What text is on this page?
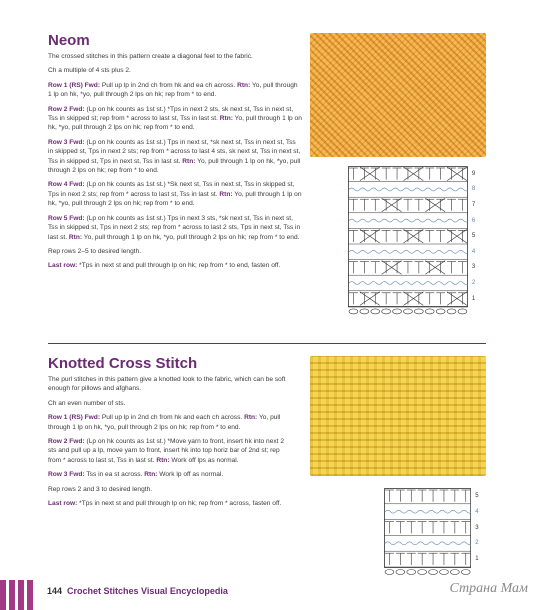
Neom
The crossed stitches in this pattern create a diagonal feel to the fabric.
Ch a multiple of 4 sts plus 2.
Row 1 (RS) Fwd: Pull up lp in 2nd ch from hk and ea ch across. Rtn: Yo, pull through 1 lp on hk, *yo, pull through 2 lps on hk; rep from * to end.
Row 2 Fwd: (Lp on hk counts as 1st st.) *Tps in next 2 sts, sk next st, Tss in next st, Tss in skipped st; rep from * across to last st, Tss in last st. Rtn: Yo, pull through 1 lp on hk, *yo, pull through 2 lps on hk; rep from * to end.
Row 3 Fwd: (Lp on hk counts as 1st st.) Tps in next st, *sk next st, Tss in next st, Tss in skipped st, Tps in next 2 sts; rep from * across to last 4 sts, sk next st, Tss in next st, Tss in skipped st, Tps in next st, Tss in last st. Rtn: Yo, pull through 1 lp on hk, *yo, pull through 2 lps on hk; rep from * to end.
Row 4 Fwd: (Lp on hk counts as 1st st.) *Sk next st, Tss in next st, Tss in skipped st, Tps in next 2 sts; rep from * across to last st, Tss in last st. Rtn: Yo, pull through 1 lp on hk, *yo, pull through 2 lps on hk; rep from * to end.
Row 5 Fwd: (Lp on hk counts as 1st st.) Tps in next 3 sts, *sk next st, Tss in next st, Tss in skipped st, Tps in next 2 sts; rep from * across to last 2 sts, Tps in next st, Tss in last st. Rtn: Yo, pull through 1 lp on hk, *yo, pull through 2 lps on hk; rep from * to end.
Rep rows 2–5 to desired length.
Last row: *Tps in next st and pull through lp on hk; rep from * to end, fasten off.
9
8
7
6
5
4
3
2
1
Knotted Cross Stitch
The purl stitches in this pattern give a knotted look to the fabric, which can be soft enough for pillows and afghans.
Ch an even number of sts.
Row 1 (RS) Fwd: Pull up lp in 2nd ch from hk and each ch across. Rtn: Yo, pull through 1 lp on hk, *yo, pull through 2 lps on hk; rep from * to end.
Row 2 Fwd: (Lp on hk counts as 1st st.) *Move yarn to front, insert hk into next 2 sts and pull up a lp, move yarn to front, insert hk into top horiz bar of 2nd st; rep from * across to last st, Tss in last st. Rtn: Work off lps as normal.
Row 3 Fwd: Tss in ea st across. Rtn: Work lp off as normal.
Rep rows 2 and 3 to desired length.
Last row: *Tps in next st and pull through lp on hk; rep from * across, fasten off.
5
4
3
2
1
144 Crochet Stitches Visual Encyclopedia	Страна Мам
